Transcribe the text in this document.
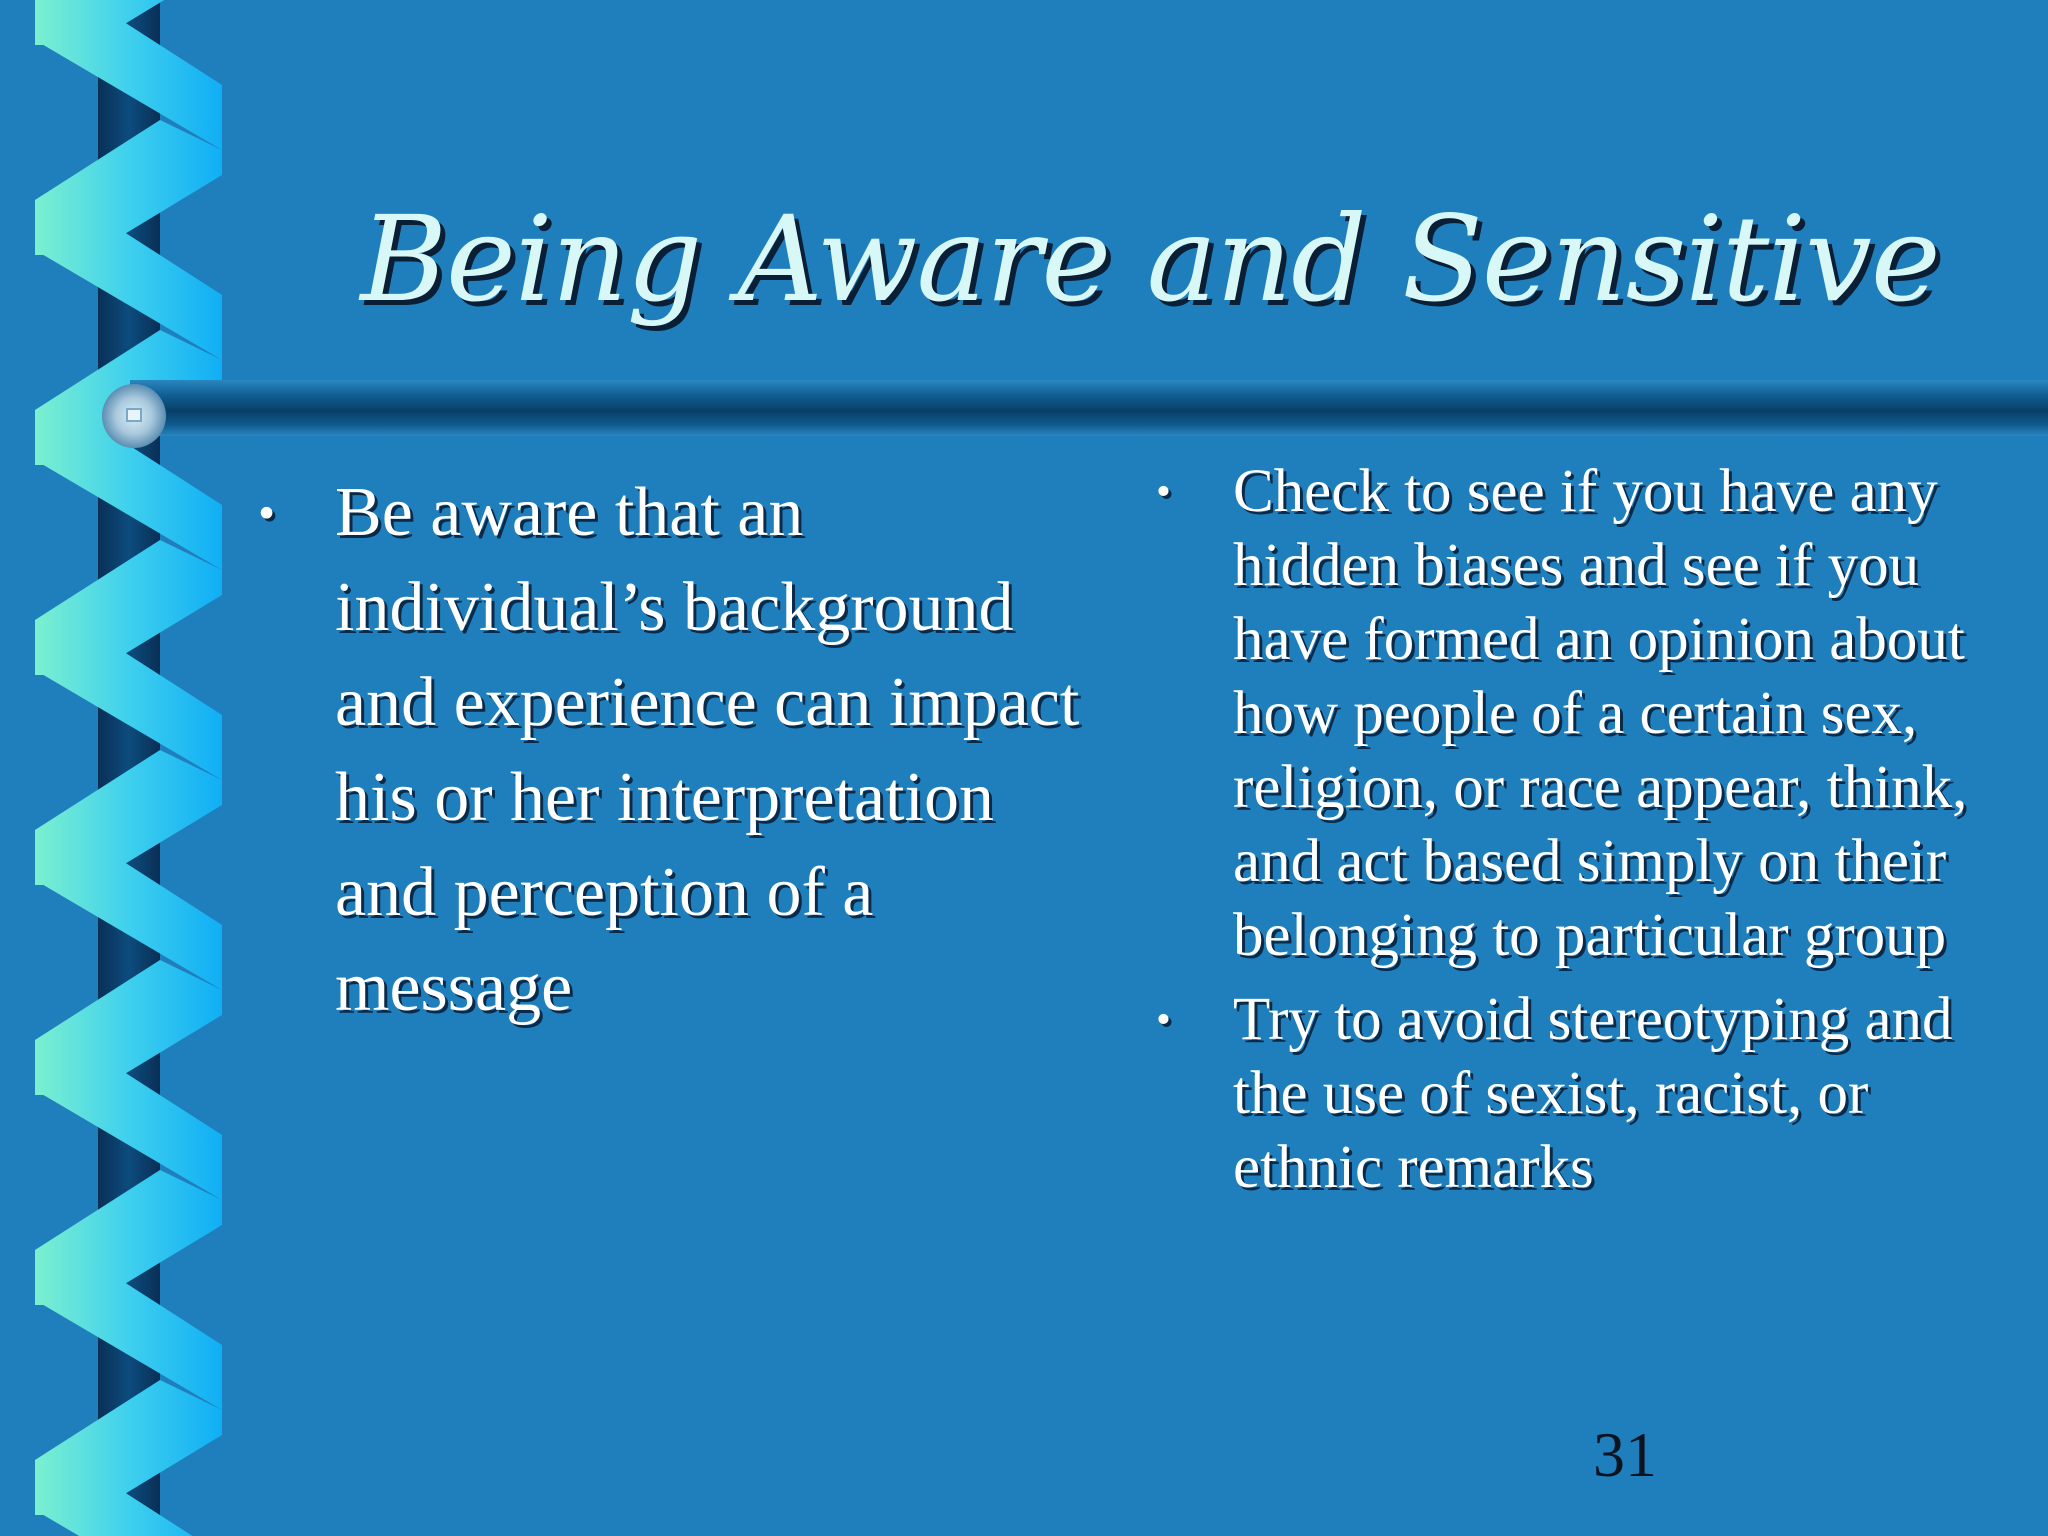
Being Aware and Sensitive
• Be aware that an individual’s background and experience can impact his or her interpretation and perception of a message
• Check to see if you have any hidden biases and see if you have formed an opinion about how people of a certain sex, religion, or race appear, think, and act based simply on their belonging to particular group
• Try to avoid stereotyping and the use of sexist, racist, or ethnic remarks
31
